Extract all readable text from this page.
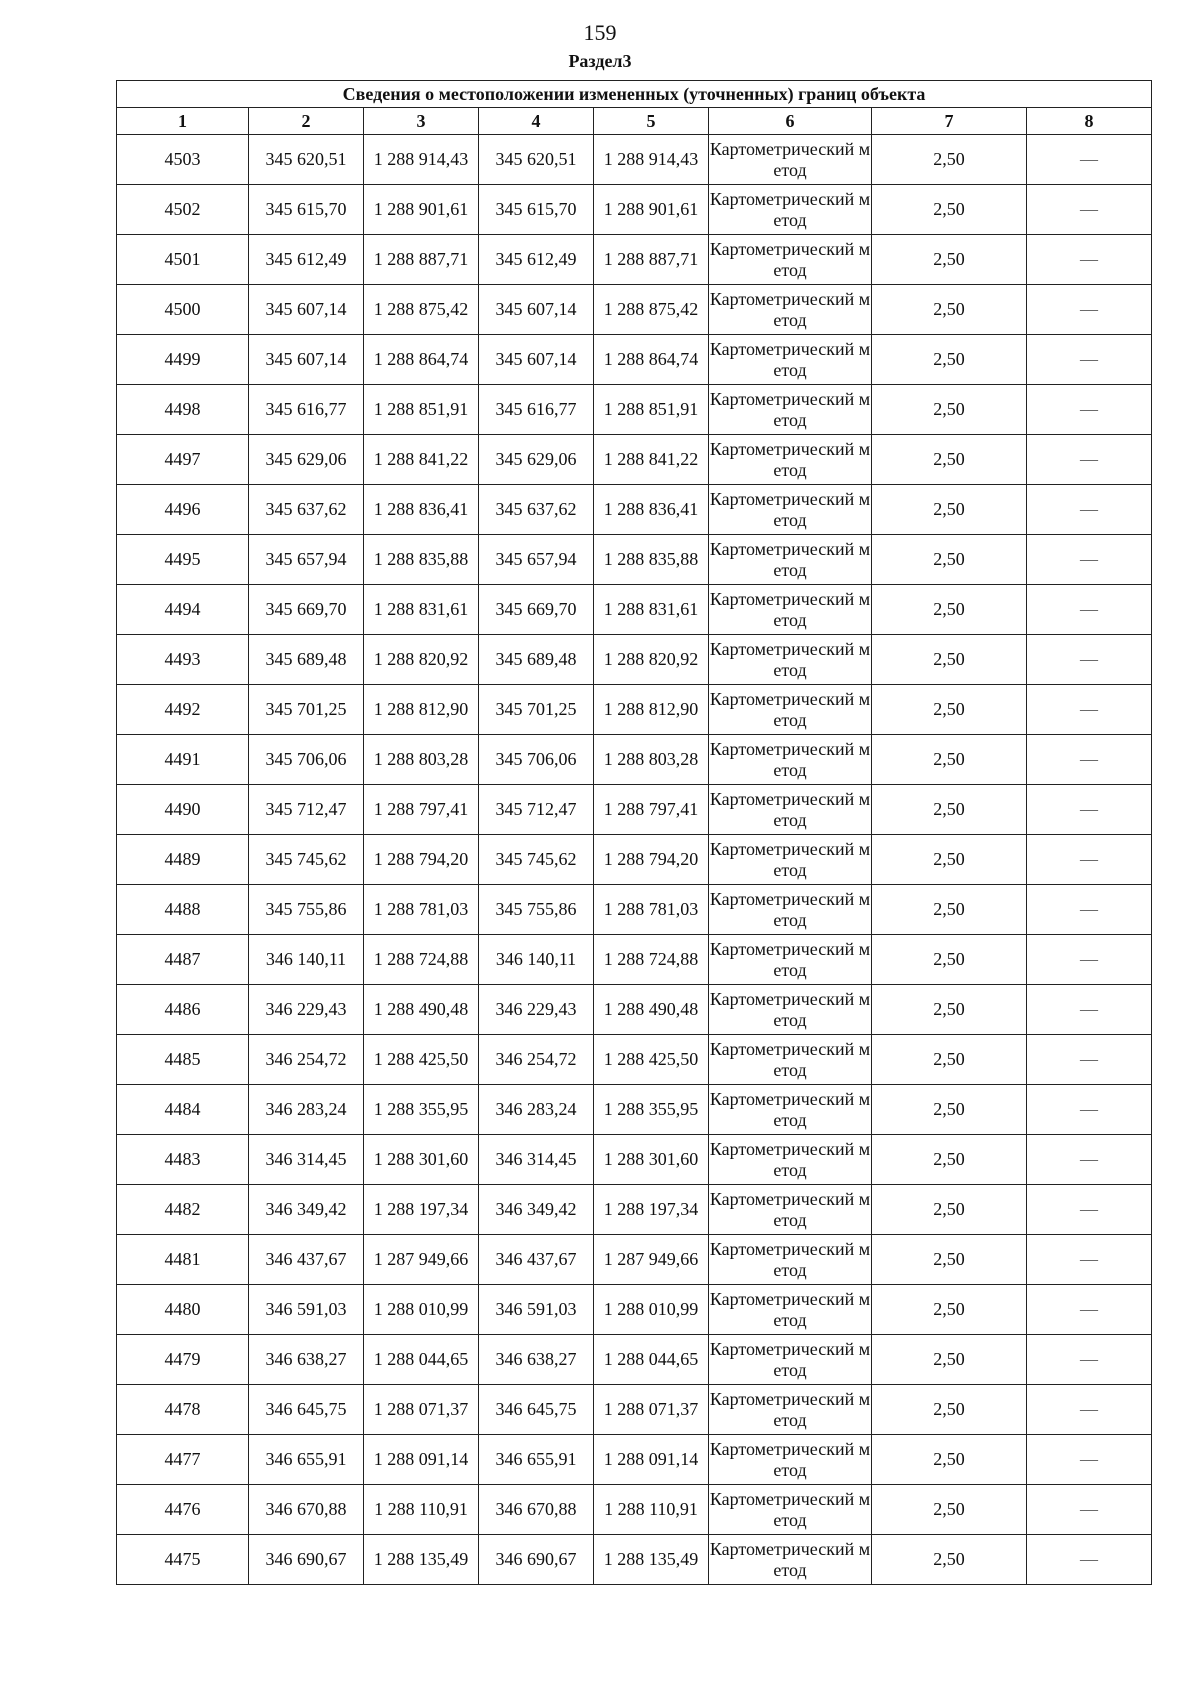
159
Раздел3
Сведения о местоположении измененных (уточненных) границ объекта							
1	2	3	4	5	6	7	8
4503	345 620,51	1 288 914,43	345 620,51	1 288 914,43	Картометрический метод	2,50	—
4502	345 615,70	1 288 901,61	345 615,70	1 288 901,61	Картометрический метод	2,50	—
4501	345 612,49	1 288 887,71	345 612,49	1 288 887,71	Картометрический метод	2,50	—
4500	345 607,14	1 288 875,42	345 607,14	1 288 875,42	Картометрический метод	2,50	—
4499	345 607,14	1 288 864,74	345 607,14	1 288 864,74	Картометрический метод	2,50	—
4498	345 616,77	1 288 851,91	345 616,77	1 288 851,91	Картометрический метод	2,50	—
4497	345 629,06	1 288 841,22	345 629,06	1 288 841,22	Картометрический метод	2,50	—
4496	345 637,62	1 288 836,41	345 637,62	1 288 836,41	Картометрический метод	2,50	—
4495	345 657,94	1 288 835,88	345 657,94	1 288 835,88	Картометрический метод	2,50	—
4494	345 669,70	1 288 831,61	345 669,70	1 288 831,61	Картометрический метод	2,50	—
4493	345 689,48	1 288 820,92	345 689,48	1 288 820,92	Картометрический метод	2,50	—
4492	345 701,25	1 288 812,90	345 701,25	1 288 812,90	Картометрический метод	2,50	—
4491	345 706,06	1 288 803,28	345 706,06	1 288 803,28	Картометрический метод	2,50	—
4490	345 712,47	1 288 797,41	345 712,47	1 288 797,41	Картометрический метод	2,50	—
4489	345 745,62	1 288 794,20	345 745,62	1 288 794,20	Картометрический метод	2,50	—
4488	345 755,86	1 288 781,03	345 755,86	1 288 781,03	Картометрический метод	2,50	—
4487	346 140,11	1 288 724,88	346 140,11	1 288 724,88	Картометрический метод	2,50	—
4486	346 229,43	1 288 490,48	346 229,43	1 288 490,48	Картометрический метод	2,50	—
4485	346 254,72	1 288 425,50	346 254,72	1 288 425,50	Картометрический метод	2,50	—
4484	346 283,24	1 288 355,95	346 283,24	1 288 355,95	Картометрический метод	2,50	—
4483	346 314,45	1 288 301,60	346 314,45	1 288 301,60	Картометрический метод	2,50	—
4482	346 349,42	1 288 197,34	346 349,42	1 288 197,34	Картометрический метод	2,50	—
4481	346 437,67	1 287 949,66	346 437,67	1 287 949,66	Картометрический метод	2,50	—
4480	346 591,03	1 288 010,99	346 591,03	1 288 010,99	Картометрический метод	2,50	—
4479	346 638,27	1 288 044,65	346 638,27	1 288 044,65	Картометрический метод	2,50	—
4478	346 645,75	1 288 071,37	346 645,75	1 288 071,37	Картометрический метод	2,50	—
4477	346 655,91	1 288 091,14	346 655,91	1 288 091,14	Картометрический метод	2,50	—
4476	346 670,88	1 288 110,91	346 670,88	1 288 110,91	Картометрический метод	2,50	—
4475	346 690,67	1 288 135,49	346 690,67	1 288 135,49	Картометрический метод	2,50	—
